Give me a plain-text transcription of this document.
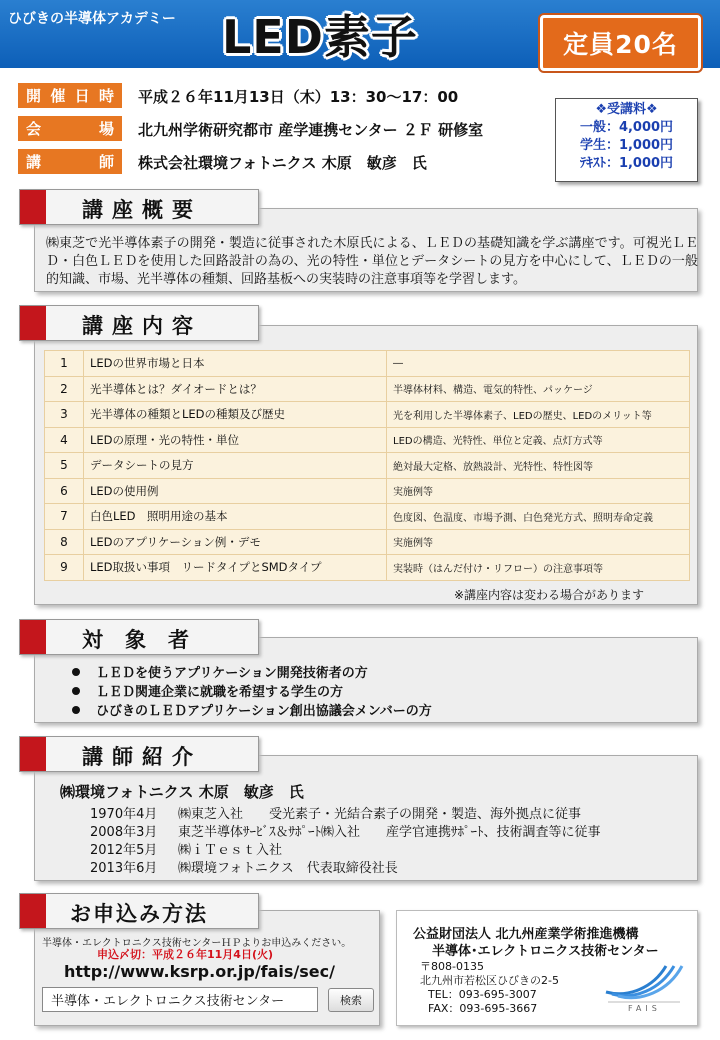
ひびきの半導体アカデミー LED素子	定員20名
開 催 日 時 平成２６年11月13日（木）13：30〜17：00
会	場 北九州学術研究都市 産学連携センター ２Ｆ 研修室
講	師 株式会社環境フォトニクス 木原　敏彦　氏
❖受講料❖
一般：4,000円
学生：1,000円
ﾃｷｽﾄ：1,000円
講座概要
㈱東芝で光半導体素子の開発・製造に従事された木原氏による、ＬＥＤの基礎知識を学ぶ講座です。可視光ＬＥＤ・白色ＬＥＤを使用した回路設計の為の、光の特性・単位とデータシートの見方を中心にして、ＬＥＤの一般的知識、市場、光半導体の種類、回路基板への実装時の注意事項等を学習します。
講座内容
1	LEDの世界市場と日本	―
2	光半導体とは？ダイオードとは？	半導体材料、構造、電気的特性、パッケージ
3	光半導体の種類とLEDの種類及び歴史	光を利用した半導体素子、LEDの歴史、LEDのメリット等
4	LEDの原理・光の特性・単位	LEDの構造、光特性、単位と定義、点灯方式等
5	データシートの見方	絶対最大定格、放熱設計、光特性、特性図等
6	LEDの使用例	実施例等
7	白色LED　照明用途の基本	色度図、色温度、市場予測、白色発光方式、照明寿命定義
8	LEDのアプリケーション例・デモ	実施例等
9	LED取扱い事項　リードタイプとSMDタイプ	実装時（はんだ付け・リフロー）の注意事項等
※講座内容は変わる場合があります
対象者
ＬＥＤを使うアプリケーション開発技術者の方
ＬＥＤ関連企業に就職を希望する学生の方
ひびきのＬＥＤアプリケーション創出協議会メンバーの方
講師紹介
㈱環境フォトニクス 木原　敏彦　氏
1970年4月 ㈱東芝入社　　受光素子・光結合素子の開発・製造、海外拠点に従事
2008年3月 東芝半導体ｻｰﾋﾞｽ＆ｻﾎﾟｰﾄ㈱入社　　産学官連携ｻﾎﾟｰﾄ、技術調査等に従事
2012年5月 ㈱ｉＴｅｓｔ入社
2013年6月 ㈱環境フォトニクス　代表取締役社長
お申込み方法
半導体・エレクトロニクス技術センターＨＰよりお申込みください。
申込〆切：平成２６年11月4日(火)
http://www.ksrp.or.jp/fais/sec/
半導体・エレクトロニクス技術センター
検索
公益財団法人 北九州産業学術推進機構
半導体･エレクトロニクス技術センター
〒808-0135
北九州市若松区ひびきの2-5
TEL：093-695-3007
FAX：093-695-3667	FAIS
